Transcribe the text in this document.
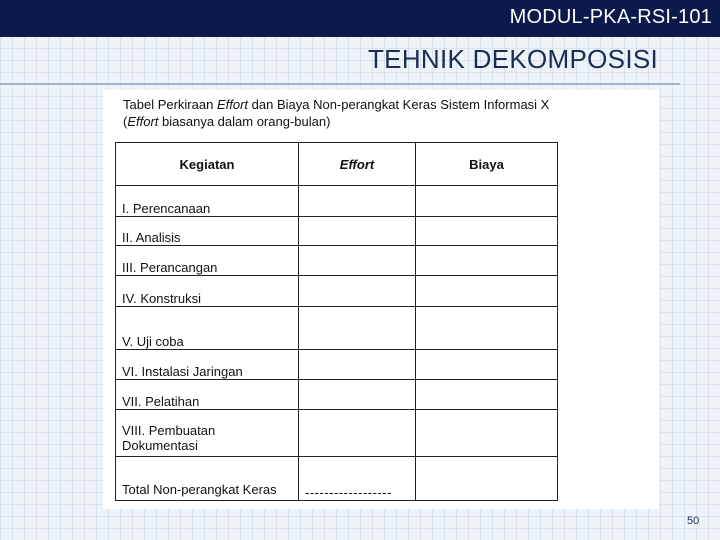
MODUL-PKA-RSI-101
TEHNIK DEKOMPOSISI
Tabel Perkiraan Effort dan Biaya Non-perangkat Keras Sistem Informasi X
(Effort biasanya dalam orang-bulan)
Kegiatan	Effort	Biaya
I. Perencanaan		
II. Analisis		
III. Perancangan		
IV. Konstruksi		
V. Uji coba		
VI. Instalasi Jaringan		
VII. Pelatihan		
VIII. Pembuatan Dokumentasi		
Total Non-perangkat Keras	------------------	
50
